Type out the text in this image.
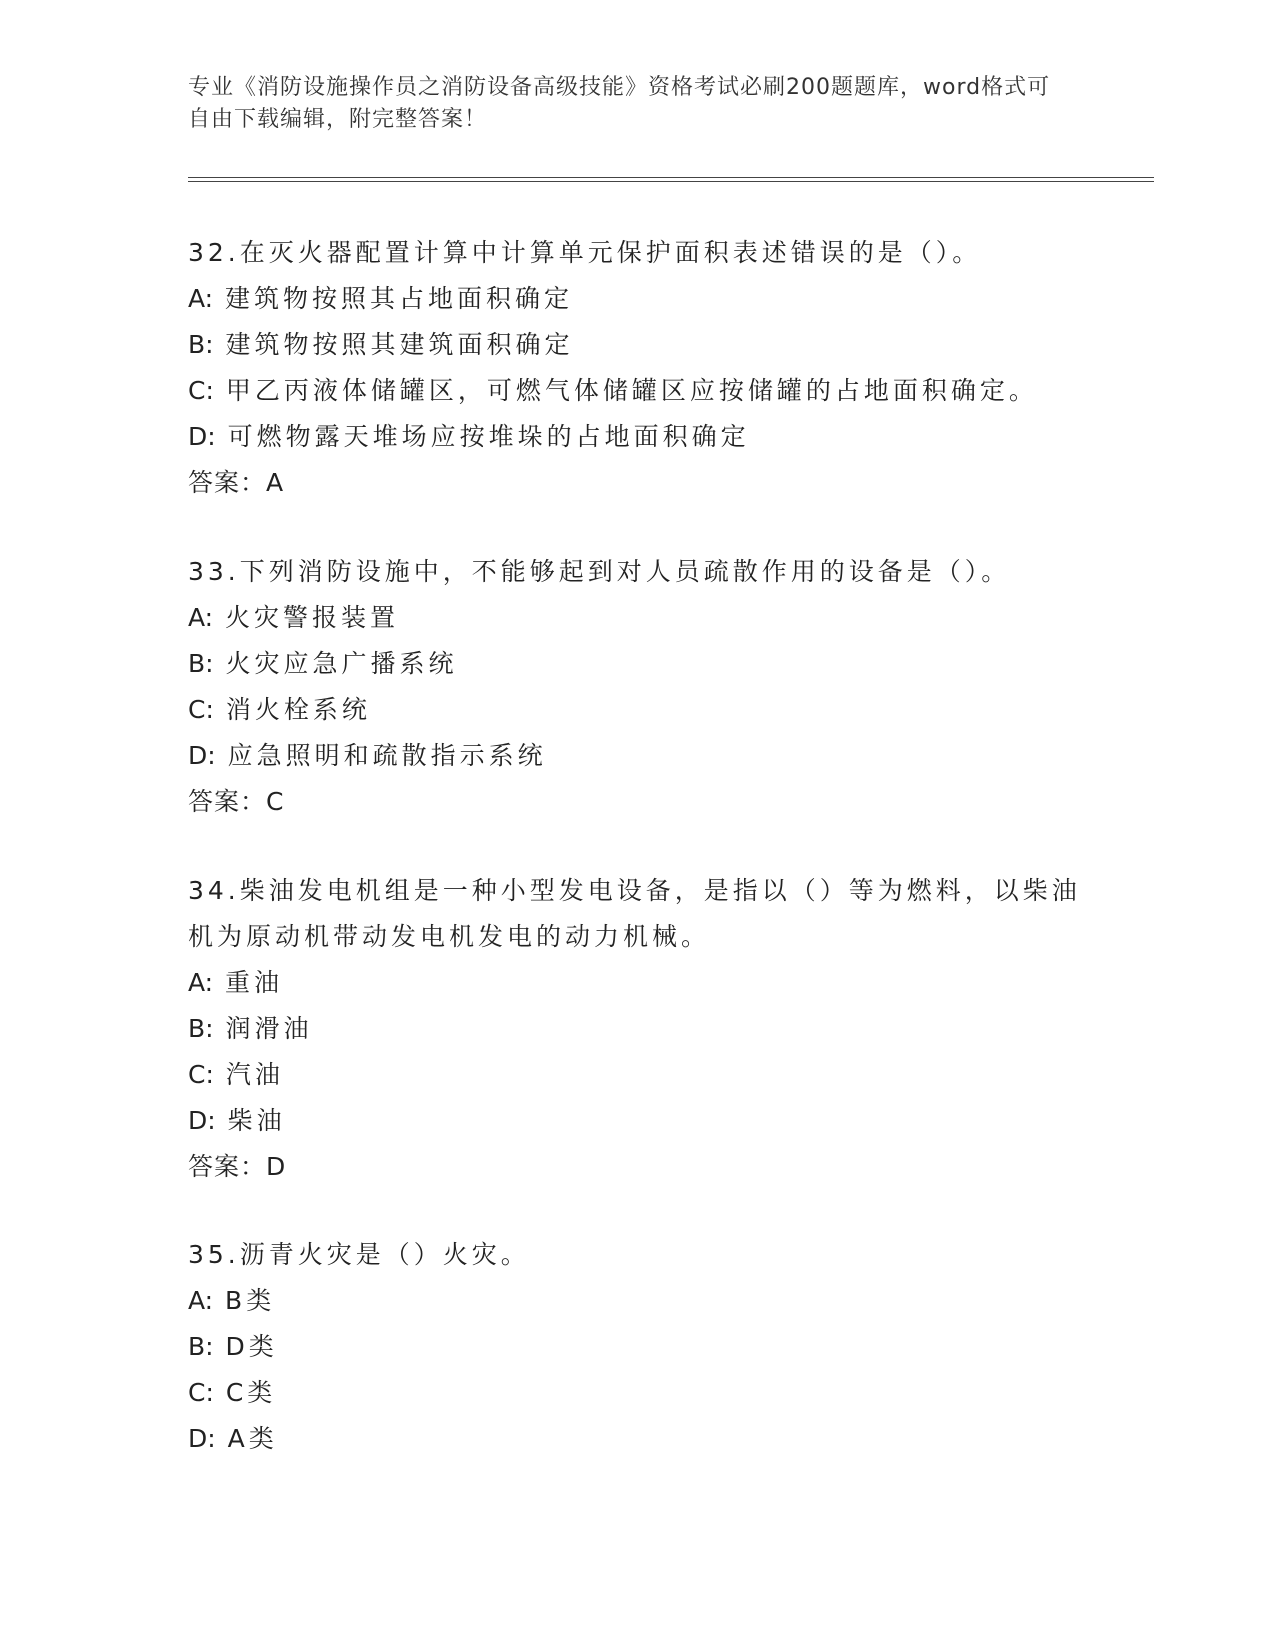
专业《消防设施操作员之消防设备高级技能》资格考试必刷200题题库，word格式可自由下载编辑，附完整答案！
32.在灭火器配置计算中计算单元保护面积表述错误的是（）。
A: 建筑物按照其占地面积确定
B: 建筑物按照其建筑面积确定
C: 甲乙丙液体储罐区，可燃气体储罐区应按储罐的占地面积确定。
D: 可燃物露天堆场应按堆垛的占地面积确定
答案：A
33.下列消防设施中，不能够起到对人员疏散作用的设备是（）。
A: 火灾警报装置
B: 火灾应急广播系统
C: 消火栓系统
D: 应急照明和疏散指示系统
答案：C
34.柴油发电机组是一种小型发电设备，是指以（）等为燃料，以柴油机为原动机带动发电机发电的动力机械。
A: 重油
B: 润滑油
C: 汽油
D: 柴油
答案：D
35.沥青火灾是（）火灾。
A: B类
B: D类
C: C类
D: A类
